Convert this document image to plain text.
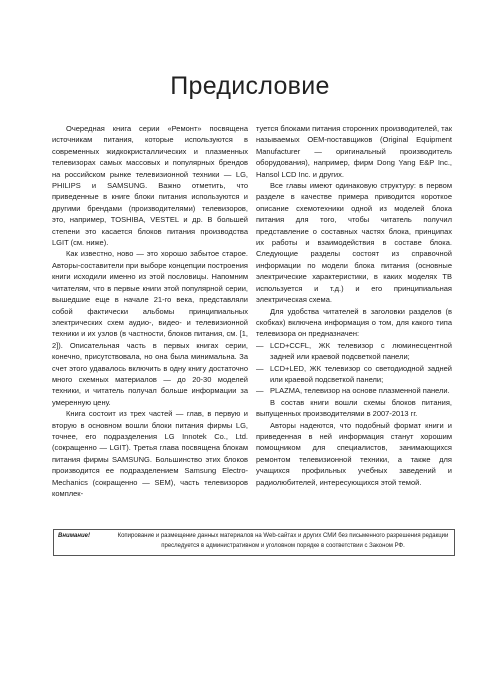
Предисловие

Очередная книга серии «Ремонт» посвящена источникам питания, которые используются в современных жидкокристаллических и плазменных телевизорах самых массовых и популярных брендов на российском рынке телевизионной техники — LG, PHILIPS и SAMSUNG. Важно отметить, что приведенные в книге блоки питания используются и другими брендами (производителями) телевизоров, это, например, TOSHIBA, VESTEL и др. В большей степени это касается блоков питания производства LGIT (см. ниже).

Как известно, ново — это хорошо забытое старое. Авторы-составители при выборе концепции построения книги исходили именно из этой пословицы. Напомним читателям, что в первые книги этой популярной серии, вышедшие еще в начале 21-го века, представляли собой фактически альбомы принципиальных электрических схем аудио-, видео- и телевизионной техники и их узлов (в частности, блоков питания, см. [1, 2]). Описательная часть в первых книгах серии, конечно, присутствовала, но она была минимальна. За счет этого удавалось включить в одну книгу достаточно много схемных материалов — до 20-30 моделей техники, и читатель получал больше информации за умеренную цену.

Книга состоит из трех частей — глав, в первую и вторую в основном вошли блоки питания фирмы LG, точнее, его подразделения LG Innotek Co., Ltd. (сокращенно — LGIT). Третья глава посвящена блокам питания фирмы SAMSUNG. Большинство этих блоков производится ее подразделением Samsung Electro-Mechanics (сокращенно — SEM), часть телевизоров комплек-

туется блоками питания сторонних производителей, так называемых OEM-поставщиков (Original Equipment Manufacturer — оригинальный производитель оборудования), например, фирм Dong Yang E&P Inc., Hansol LCD Inc. и других.

Все главы имеют одинаковую структуру: в первом разделе в качестве примера приводится короткое описание схемотехники одной из моделей блока питания для того, чтобы читатель получил представление о составных частях блока, принципах их работы и взаимодействия в составе блока. Следующие разделы состоят из справочной информации по модели блока питания (основные электрические характеристики, в каких моделях ТВ используется и т.д.) и его принципиальная электрическая схема.

Для удобства читателей в заголовки разделов (в скобках) включена информация о том, для какого типа телевизора он предназначен:

— LCD+CCFL, ЖК телевизор с люминесцентной задней или краевой подсветкой панели;
— LCD+LED, ЖК телевизор со светодиодной задней или краевой подсветкой панели;
— PLAZMA, телевизор на основе плазменной панели.

В состав книги вошли схемы блоков питания, выпущенных производителями в 2007-2013 гг.

Авторы надеются, что подобный формат книги и приведенная в ней информация станут хорошим помощником для специалистов, занимающихся ремонтом телевизионной техники, а также для учащихся профильных учебных заведений и радиолюбителей, интересующихся этой темой.

Внимание!	Копирование и размещение данных материалов на Web-сайтах и других СМИ без письменного разрешения редакции преследуется в административном и уголовном порядке в соответствии с Законом РФ.
